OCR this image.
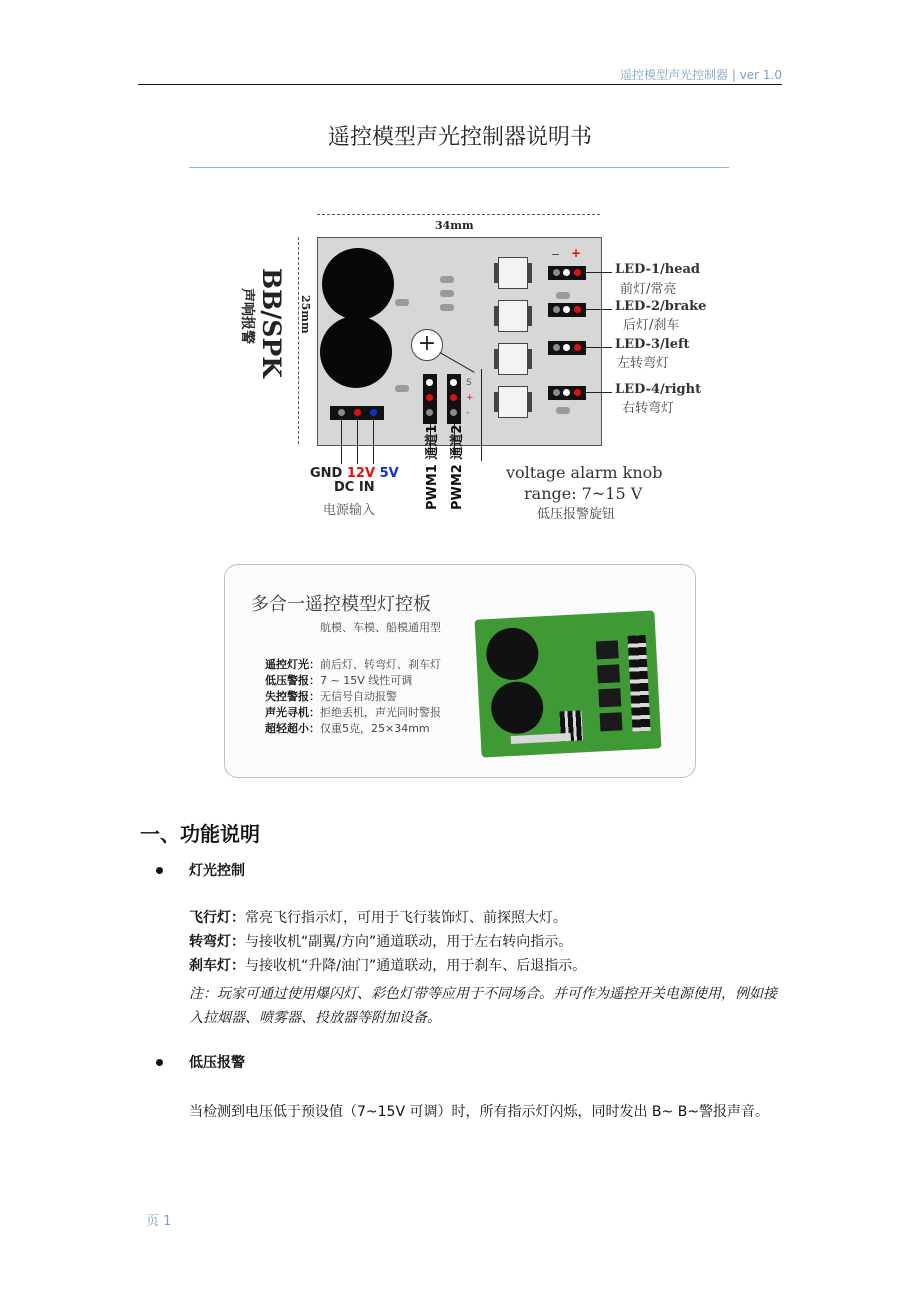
遥控模型声光控制器 | ver 1.0
遥控模型声光控制器说明书
34mm
25mm
BB/SPK
声响报警	+
− +
LED-1/head
前灯/常亮
LED-2/brake
后灯/刹车
LED-3/left
左转弯灯
LED-4/right
右转弯灯
S
+
-
PWM1 通道1 PWM2 通道2
GND 12V 5V
DC IN
电源输入
voltage alarm knob
range: 7~15 V
低压报警旋钮
多合一遥控模型灯控板
航模、车模、船模通用型
遥控灯光：前后灯、转弯灯、刹车灯
低压警报：7 ~ 15V 线性可调
失控警报：无信号自动报警
声光寻机：拒绝丢机，声光同时警报
超轻超小：仅重5克，25×34mm
一、功能说明
灯光控制
飞行灯：常亮飞行指示灯，可用于飞行装饰灯、前探照大灯。
转弯灯：与接收机“副翼/方向”通道联动，用于左右转向指示。
刹车灯：与接收机“升降/油门”通道联动，用于刹车、后退指示。
注：玩家可通过使用爆闪灯、彩色灯带等应用于不同场合。并可作为遥控开关电源使用，例如接入拉烟器、喷雾器、投放器等附加设备。
低压报警
当检测到电压低于预设值（7~15V 可调）时，所有指示灯闪烁，同时发出 B~ B~警报声音。
页 1
